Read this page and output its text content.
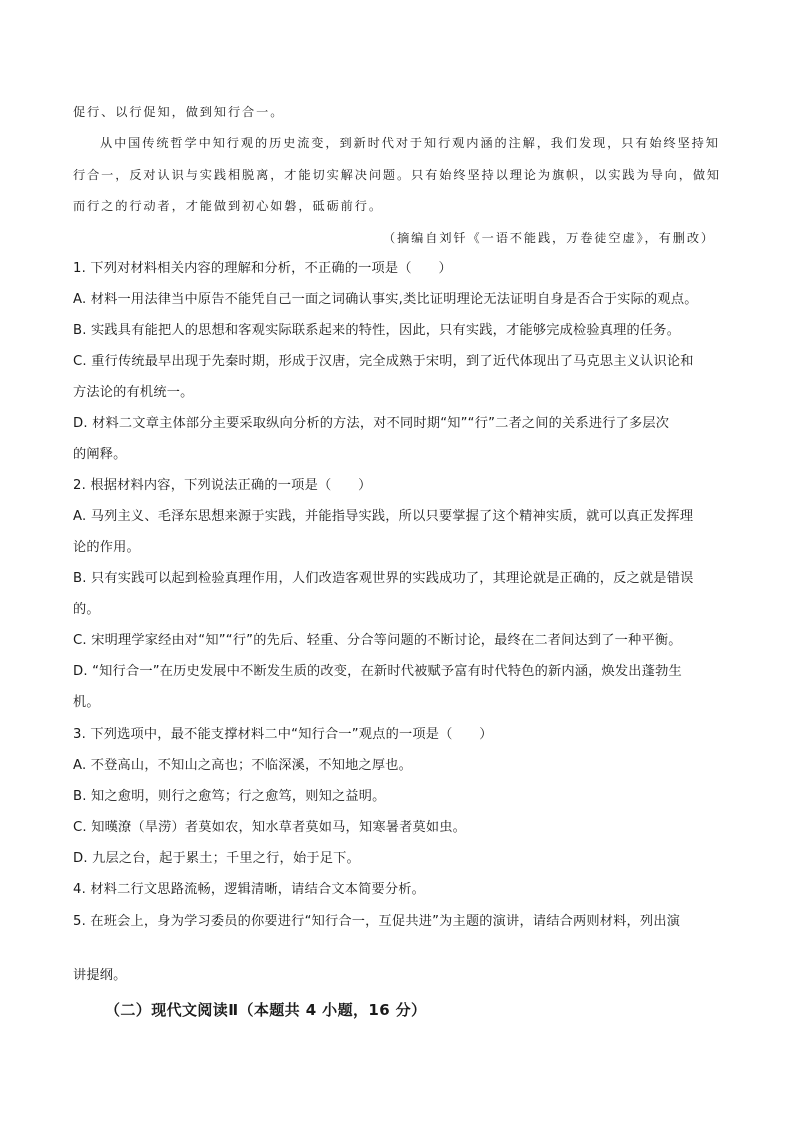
促行、以行促知，做到知行合一。
从中国传统哲学中知行观的历史流变，到新时代对于知行观内涵的注解，我们发现，只有始终坚持知
行合一，反对认识与实践相脱离，才能切实解决问题。只有始终坚持以理论为旗帜，以实践为导向，做知
而行之的行动者，才能做到初心如磐，砥砺前行。
（摘编自刘钎《一语不能践，万卷徒空虚》，有删改）
1. 下列对材料相关内容的理解和分析，不正确的一项是（　　）
A. 材料一用法律当中原告不能凭自己一面之词确认事实,类比证明理论无法证明自身是否合于实际的观点。
B. 实践具有能把人的思想和客观实际联系起来的特性，因此，只有实践，才能够完成检验真理的任务。
C. 重行传统最早出现于先秦时期，形成于汉唐，完全成熟于宋明，到了近代体现出了马克思主义认识论和
方法论的有机统一。
D. 材料二文章主体部分主要采取纵向分析的方法，对不同时期“知”“行”二者之间的关系进行了多层次
的阐释。
2. 根据材料内容，下列说法正确的一项是（　　）
A. 马列主义、毛泽东思想来源于实践，并能指导实践，所以只要掌握了这个精神实质，就可以真正发挥理
论的作用。
B. 只有实践可以起到检验真理作用，人们改造客观世界的实践成功了，其理论就是正确的，反之就是错误
的。
C. 宋明理学家经由对“知”“行”的先后、轻重、分合等问题的不断讨论，最终在二者间达到了一种平衡。
D. “知行合一”在历史发展中不断发生质的改变，在新时代被赋予富有时代特色的新内涵，焕发出蓬勃生
机。
3. 下列选项中，最不能支撑材料二中“知行合一”观点的一项是（　　）
A. 不登高山，不知山之高也；不临深溪，不知地之厚也。
B. 知之愈明，则行之愈笃；行之愈笃，则知之益明。
C. 知暵潦（旱涝）者莫如农，知水草者莫如马，知寒暑者莫如虫。
D. 九层之台，起于累土；千里之行，始于足下。
4. 材料二行文思路流畅，逻辑清晰，请结合文本简要分析。
5. 在班会上，身为学习委员的你要进行“知行合一，互促共进”为主题的演讲，请结合两则材料，列出演
讲提纲。
（二）现代文阅读Ⅱ（本题共 4 小题，16 分）
